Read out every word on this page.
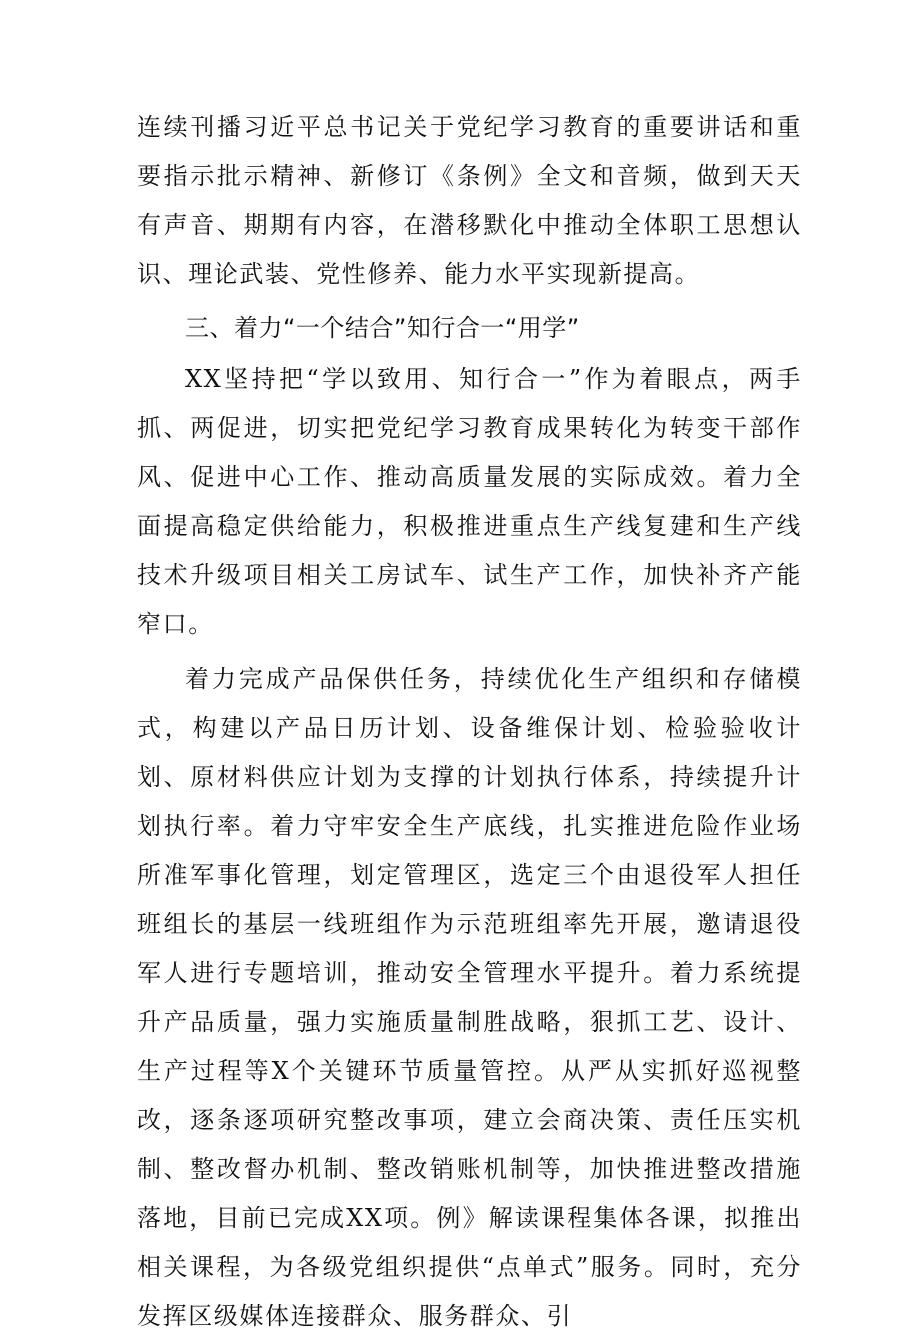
连续刊播习近平总书记关于党纪学习教育的重要讲话和重要指示批示精神、新修订《条例》全文和音频，做到天天有声音、期期有内容，在潜移默化中推动全体职工思想认识、理论武装、党性修养、能力水平实现新提高。

三、着力“一个结合”知行合一“用学”

XX坚持把“学以致用、知行合一”作为着眼点，两手抓、两促进，切实把党纪学习教育成果转化为转变干部作风、促进中心工作、推动高质量发展的实际成效。着力全面提高稳定供给能力，积极推进重点生产线复建和生产线技术升级项目相关工房试车、试生产工作，加快补齐产能窄口。

着力完成产品保供任务，持续优化生产组织和存储模式，构建以产品日历计划、设备维保计划、检验验收计划、原材料供应计划为支撑的计划执行体系，持续提升计划执行率。着力守牢安全生产底线，扎实推进危险作业场所准军事化管理，划定管理区，选定三个由退役军人担任班组长的基层一线班组作为示范班组率先开展，邀请退役军人进行专题培训，推动安全管理水平提升。着力系统提升产品质量，强力实施质量制胜战略，狠抓工艺、设计、生产过程等X个关键环节质量管控。从严从实抓好巡视整改，逐条逐项研究整改事项，建立会商决策、责任压实机制、整改督办机制、整改销账机制等，加快推进整改措施落地，目前已完成XX项。例》解读课程集体各课，拟推出相关课程，为各级党组织提供“点单式”服务。同时，充分发挥区级媒体连接群众、服务群众、引
